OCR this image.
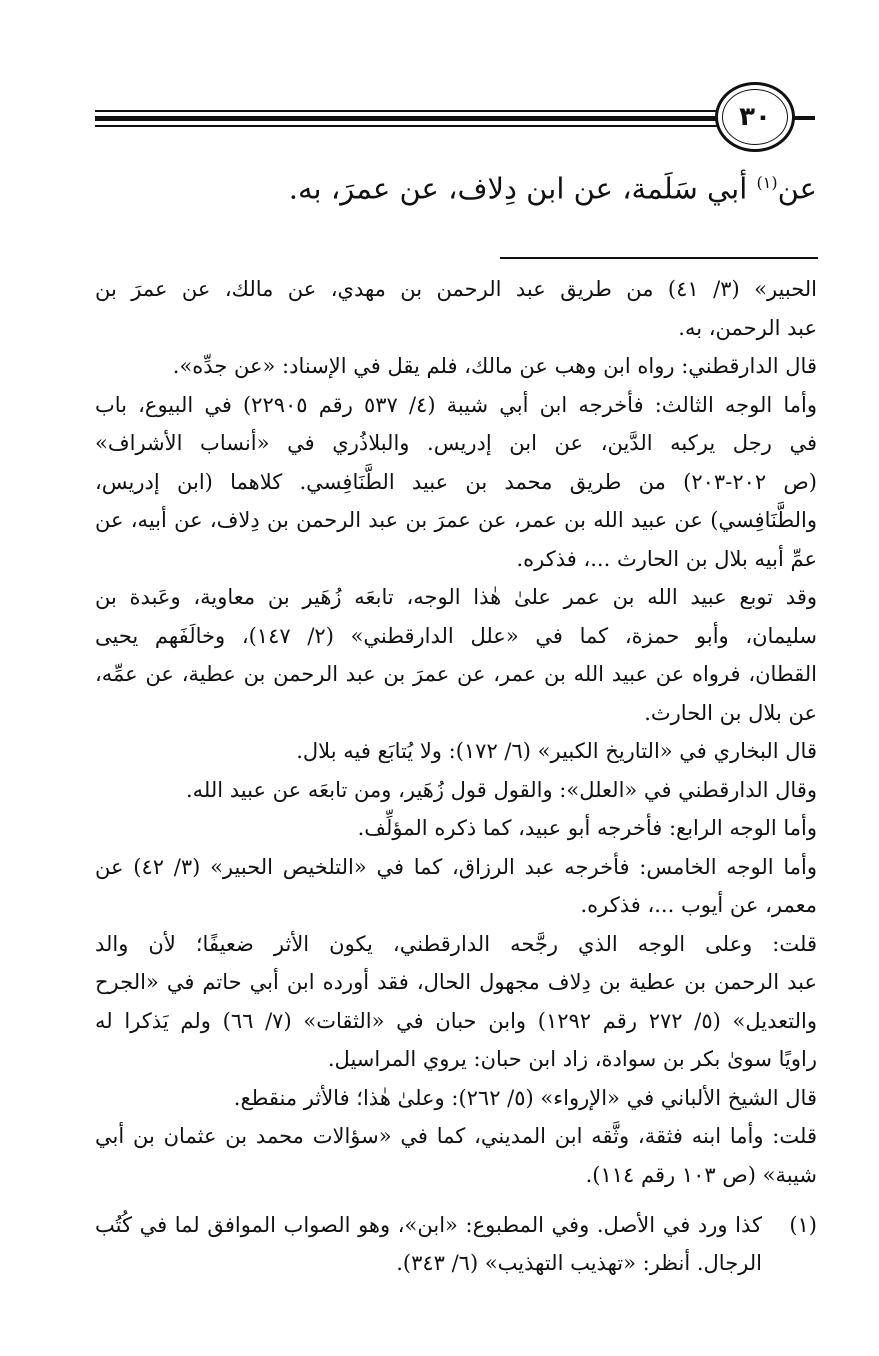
٣٠
عن$^{(١)}$ أبي سَلَمة، عن ابن دِلاف، عن عمرَ، به.
الحبير» (٣/ ٤١) من طريق عبد الرحمن بن مهدي، عن مالك، عن عمرَ بن
عبد الرحمن، به.
قال الدارقطني: رواه ابن وهب عن مالك، فلم يقل في الإسناد: «عن جدِّه».
وأما الوجه الثالث: فأخرجه ابن أبي شيبة (٤/ ٥٣٧ رقم ٢٢٩٠٥) في البيوع، باب
في رجل يركبه الدَّين، عن ابن إدريس. والبلاذُري في «أنساب الأشراف»
(ص ٢٠٢-٢٠٣) من طريق محمد بن عبيد الطَّنَافِسي. كلاهما (ابن إدريس،
والطَّنَافِسي) عن عبيد الله بن عمر، عن عمرَ بن عبد الرحمن بن دِلاف، عن أبيه، عن
عمِّ أبيه بلال بن الحارث ...، فذكره.
وقد توبع عبيد الله بن عمر علىٰ هٰذا الوجه، تابعَه زُهَير بن معاوية، وعَبدة بن
سليمان، وأبو حمزة، كما في «علل الدارقطني» (٢/ ١٤٧)، وخالَفَهم يحيى
القطان، فرواه عن عبيد الله بن عمر، عن عمرَ بن عبد الرحمن بن عطية، عن عمِّه،
عن بلال بن الحارث.
قال البخاري في «التاريخ الكبير» (٦/ ١٧٢): ولا يُتابَع فيه بلال.
وقال الدارقطني في «العلل»: والقول قول زُهَير، ومن تابعَه عن عبيد الله.
وأما الوجه الرابع: فأخرجه أبو عبيد، كما ذكره المؤلِّف.
وأما الوجه الخامس: فأخرجه عبد الرزاق، كما في «التلخيص الحبير» (٣/ ٤٢) عن
معمر، عن أيوب ...، فذكره.
قلت: وعلى الوجه الذي رجَّحه الدارقطني، يكون الأثر ضعيفًا؛ لأن والد
عبد الرحمن بن عطية بن دِلاف مجهول الحال، فقد أورده ابن أبي حاتم في «الجرح
والتعديل» (٥/ ٢٧٢ رقم ١٢٩٢) وابن حبان في «الثقات» (٧/ ٦٦) ولم يَذكرا له
راويًا سوىٰ بكر بن سوادة، زاد ابن حبان: يروي المراسيل.
قال الشيخ الألباني في «الإرواء» (٥/ ٢٦٢): وعلىٰ هٰذا؛ فالأثر منقطع.
قلت: وأما ابنه فثقة، وثَّقه ابن المديني، كما في «سؤالات محمد بن عثمان بن أبي
شيبة» (ص ١٠٣ رقم ١١٤).
(١)
كذا ورد في الأصل. وفي المطبوع: «ابن»، وهو الصواب الموافق لما في كُتُب
الرجال. أنظر: «تهذيب التهذيب» (٦/ ٣٤٣).
